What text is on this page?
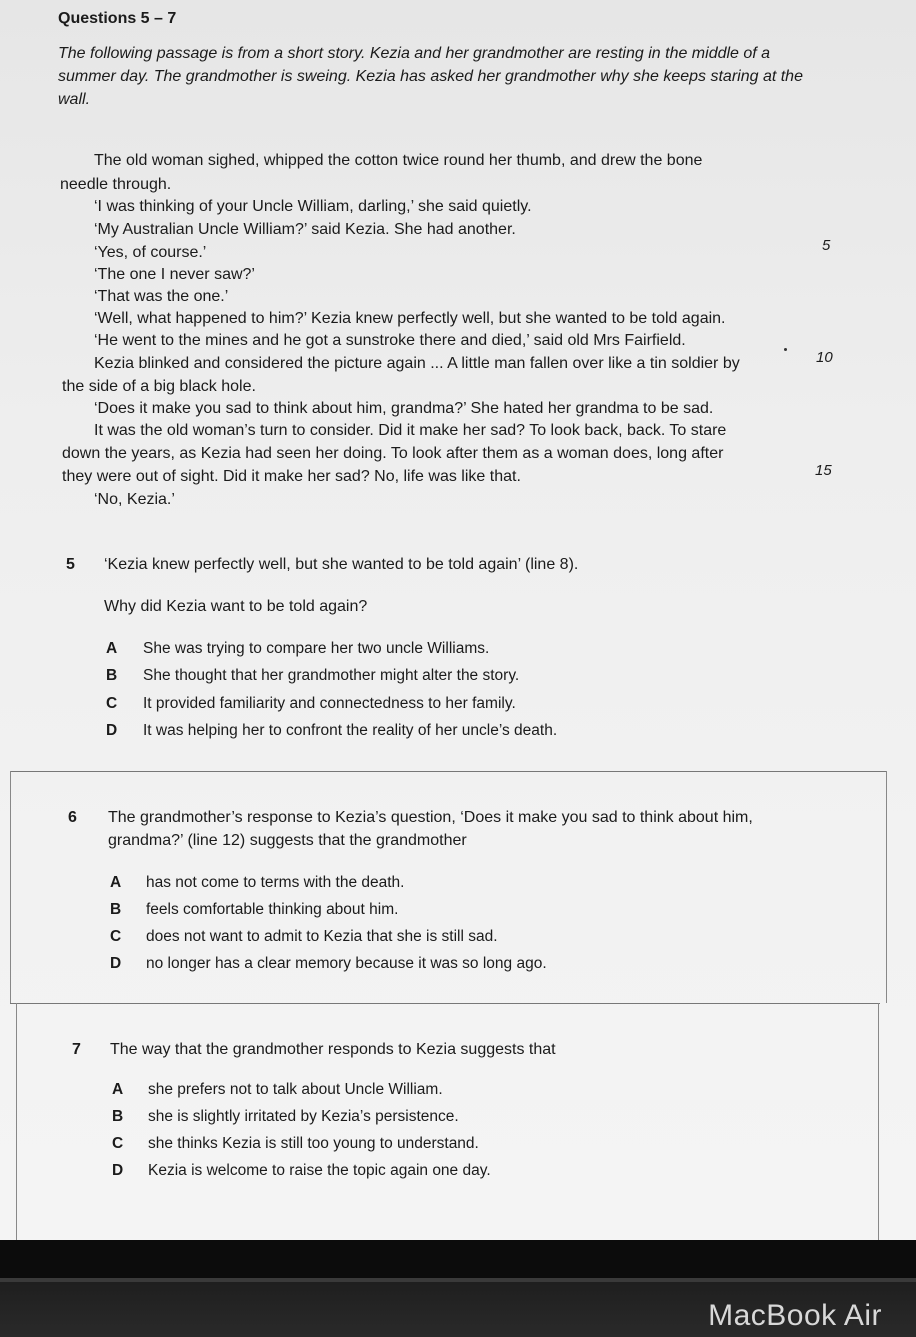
Questions 5 – 7
The following passage is from a short story. Kezia and her grandmother are resting in the middle of a summer day. The grandmother is sweing. Kezia has asked her grandmother why she keeps staring at the wall.
The old woman sighed, whipped the cotton twice round her thumb, and drew the bone
needle through.
‘I was thinking of your Uncle William, darling,’ she said quietly.
‘My Australian Uncle William?’ said Kezia. She had another.
‘Yes, of course.’
‘The one I never saw?’
‘That was the one.’
‘Well, what happened to him?’ Kezia knew perfectly well, but she wanted to be told again.
‘He went to the mines and he got a sunstroke there and died,’ said old Mrs Fairfield.
Kezia blinked and considered the picture again ... A little man fallen over like a tin soldier by
the side of a big black hole.
‘Does it make you sad to think about him, grandma?’ She hated her grandma to be sad.
It was the old woman’s turn to consider. Did it make her sad? To look back, back. To stare
down the years, as Kezia had seen her doing. To look after them as a woman does, long after
they were out of sight. Did it make her sad? No, life was like that.
‘No, Kezia.’
5
10
15
5 ‘Kezia knew perfectly well, but she wanted to be told again’ (line 8).
Why did Kezia want to be told again?
A She was trying to compare her two uncle Williams.
B She thought that her grandmother might alter the story.
C It provided familiarity and connectedness to her family.
D It was helping her to confront the reality of her uncle’s death.
6 The grandmother’s response to Kezia’s question, ‘Does it make you sad to think about him,
grandma?’ (line 12) suggests that the grandmother
A has not come to terms with the death.
B feels comfortable thinking about him.
C does not want to admit to Kezia that she is still sad.
D no longer has a clear memory because it was so long ago.
7 The way that the grandmother responds to Kezia suggests that
A she prefers not to talk about Uncle William.
B she is slightly irritated by Kezia’s persistence.
C she thinks Kezia is still too young to understand.
D Kezia is welcome to raise the topic again one day.
MacBook Air
